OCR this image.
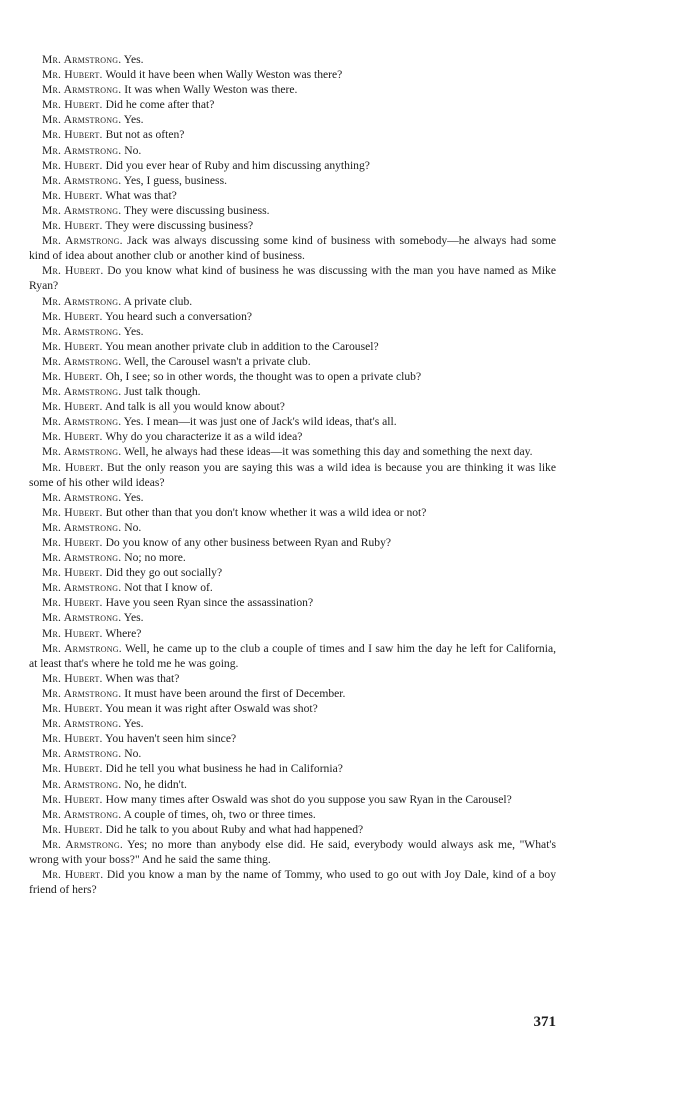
Mr. Armstrong. Yes.

Mr. Hubert. Would it have been when Wally Weston was there?

Mr. Armstrong. It was when Wally Weston was there.

Mr. Hubert. Did he come after that?

Mr. Armstrong. Yes.

Mr. Hubert. But not as often?

Mr. Armstrong. No.

Mr. Hubert. Did you ever hear of Ruby and him discussing anything?

Mr. Armstrong. Yes, I guess, business.

Mr. Hubert. What was that?

Mr. Armstrong. They were discussing business.

Mr. Hubert. They were discussing business?

Mr. Armstrong. Jack was always discussing some kind of business with somebody—he always had some kind of idea about another club or another kind of business.

Mr. Hubert. Do you know what kind of business he was discussing with the man you have named as Mike Ryan?

Mr. Armstrong. A private club.

Mr. Hubert. You heard such a conversation?

Mr. Armstrong. Yes.

Mr. Hubert. You mean another private club in addition to the Carousel?

Mr. Armstrong. Well, the Carousel wasn't a private club.

Mr. Hubert. Oh, I see; so in other words, the thought was to open a private club?

Mr. Armstrong. Just talk though.

Mr. Hubert. And talk is all you would know about?

Mr. Armstrong. Yes. I mean—it was just one of Jack's wild ideas, that's all.

Mr. Hubert. Why do you characterize it as a wild idea?

Mr. Armstrong. Well, he always had these ideas—it was something this day and something the next day.

Mr. Hubert. But the only reason you are saying this was a wild idea is because you are thinking it was like some of his other wild ideas?

Mr. Armstrong. Yes.

Mr. Hubert. But other than that you don't know whether it was a wild idea or not?

Mr. Armstrong. No.

Mr. Hubert. Do you know of any other business between Ryan and Ruby?

Mr. Armstrong. No; no more.

Mr. Hubert. Did they go out socially?

Mr. Armstrong. Not that I know of.

Mr. Hubert. Have you seen Ryan since the assassination?

Mr. Armstrong. Yes.

Mr. Hubert. Where?

Mr. Armstrong. Well, he came up to the club a couple of times and I saw him the day he left for California, at least that's where he told me he was going.

Mr. Hubert. When was that?

Mr. Armstrong. It must have been around the first of December.

Mr. Hubert. You mean it was right after Oswald was shot?

Mr. Armstrong. Yes.

Mr. Hubert. You haven't seen him since?

Mr. Armstrong. No.

Mr. Hubert. Did he tell you what business he had in California?

Mr. Armstrong. No, he didn't.

Mr. Hubert. How many times after Oswald was shot do you suppose you saw Ryan in the Carousel?

Mr. Armstrong. A couple of times, oh, two or three times.

Mr. Hubert. Did he talk to you about Ruby and what had happened?

Mr. Armstrong. Yes; no more than anybody else did. He said, everybody would always ask me, "What's wrong with your boss?" And he said the same thing.

Mr. Hubert. Did you know a man by the name of Tommy, who used to go out with Joy Dale, kind of a boy friend of hers?

371
